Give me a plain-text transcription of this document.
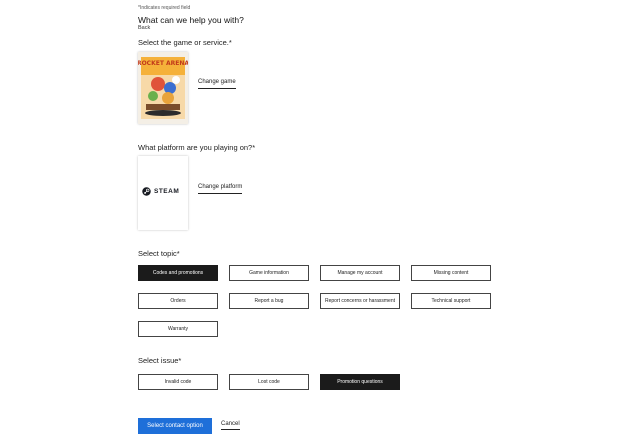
*Indicates required field
What can we help you with?
Back
Select the game or service.*
ROCKET ARENA
Change game
What platform are you playing on?*
STEAM
Change platform
Select topic*
Codes and promotions	Game information	Manage my account	Missing content
Orders	Report a bug	Report concerns or harassment	Technical support
Warranty
Select issue*
Invalid code	Lost code	Promotion questions
Select contact option	Cancel
